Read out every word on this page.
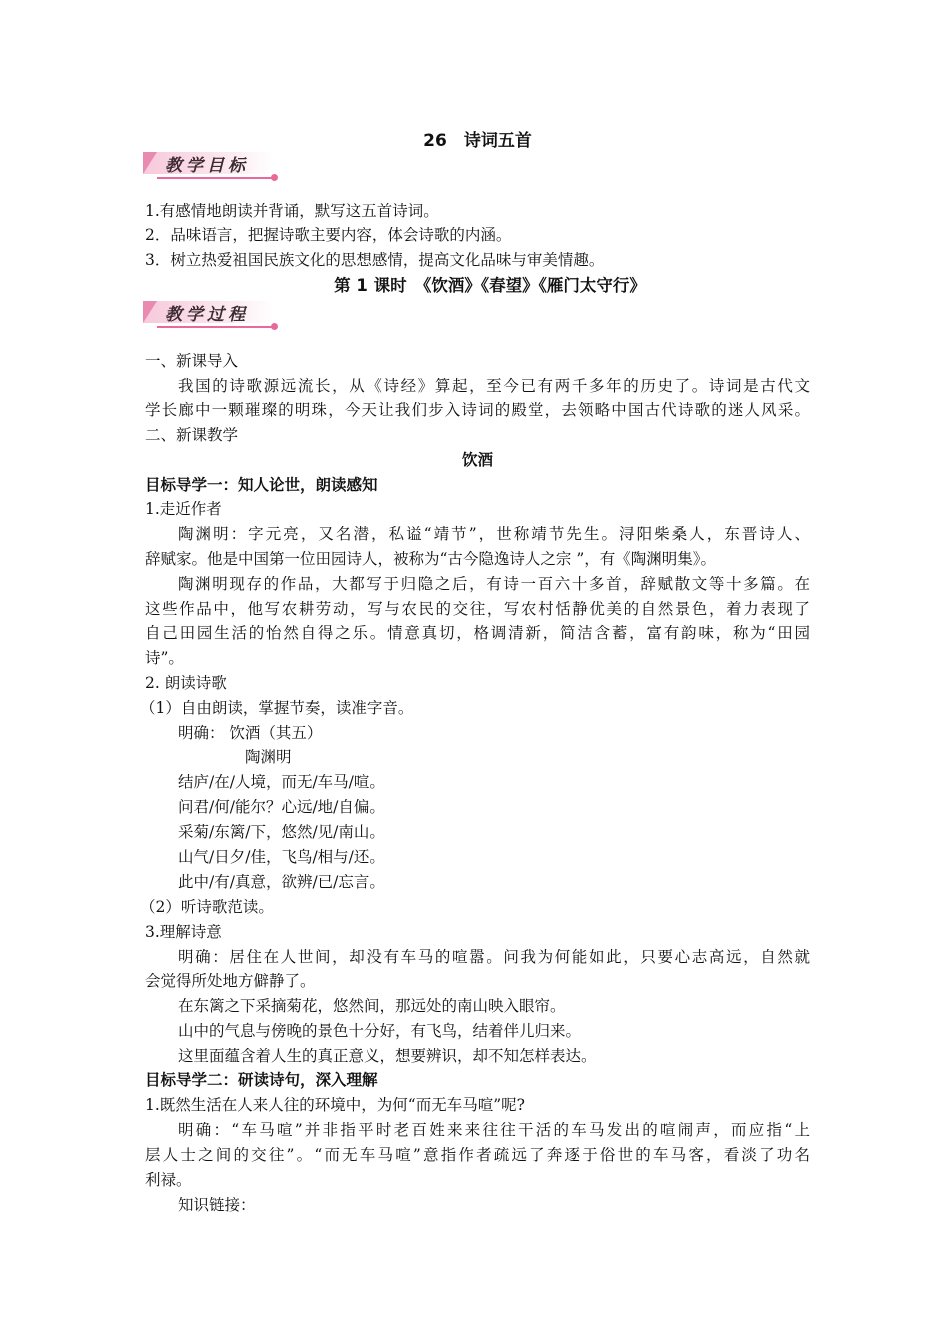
26　诗词五首
教学目标
1.有感情地朗读并背诵，默写这五首诗词。
2．品味语言，把握诗歌主要内容，体会诗歌的内涵。
3．树立热爱祖国民族文化的思想感情，提高文化品味与审美情趣。
第 1 课时　《饮酒》《春望》《雁门太守行》
教学过程
一、新课导入
我国的诗歌源远流长，从《诗经》算起，至今已有两千多年的历史了。诗词是古代文
学长廊中一颗璀璨的明珠，今天让我们步入诗词的殿堂，去领略中国古代诗歌的迷人风采。
二、新课教学
饮酒
目标导学一：知人论世，朗读感知
1.走近作者
陶渊明：字元亮，又名潜，私谥“靖节”，世称靖节先生。浔阳柴桑人，东晋诗人、
辞赋家。他是中国第一位田园诗人，被称为“古今隐逸诗人之宗 ”，有《陶渊明集》。
陶渊明现存的作品，大都写于归隐之后，有诗一百六十多首，辞赋散文等十多篇。在
这些作品中，他写农耕劳动，写与农民的交往，写农村恬静优美的自然景色，着力表现了
自己田园生活的怡然自得之乐。情意真切，格调清新，简洁含蓄，富有韵味，称为“田园
诗”。
2. 朗读诗歌
（1）自由朗读，掌握节奏，读准字音。
明确： 饮酒（其五）
陶渊明
结庐/在/人境，而无/车马/喧。
问君/何/能尔？心远/地/自偏。
采菊/东篱/下，悠然/见/南山。
山气/日夕/佳，飞鸟/相与/还。
此中/有/真意，欲辨/已/忘言。
（2）听诗歌范读。
3.理解诗意
明确：居住在人世间，却没有车马的喧嚣。问我为何能如此，只要心志高远，自然就
会觉得所处地方僻静了。
在东篱之下采摘菊花，悠然间，那远处的南山映入眼帘。
山中的气息与傍晚的景色十分好，有飞鸟，结着伴儿归来。
这里面蕴含着人生的真正意义，想要辨识，却不知怎样表达。
目标导学二：研读诗句，深入理解
1.既然生活在人来人往的环境中，为何“而无车马喧”呢?
明确：“车马喧”并非指平时老百姓来来往往干活的车马发出的喧闹声，而应指“上
层人士之间的交往”。“而无车马喧”意指作者疏远了奔逐于俗世的车马客，看淡了功名
利禄。
知识链接：
